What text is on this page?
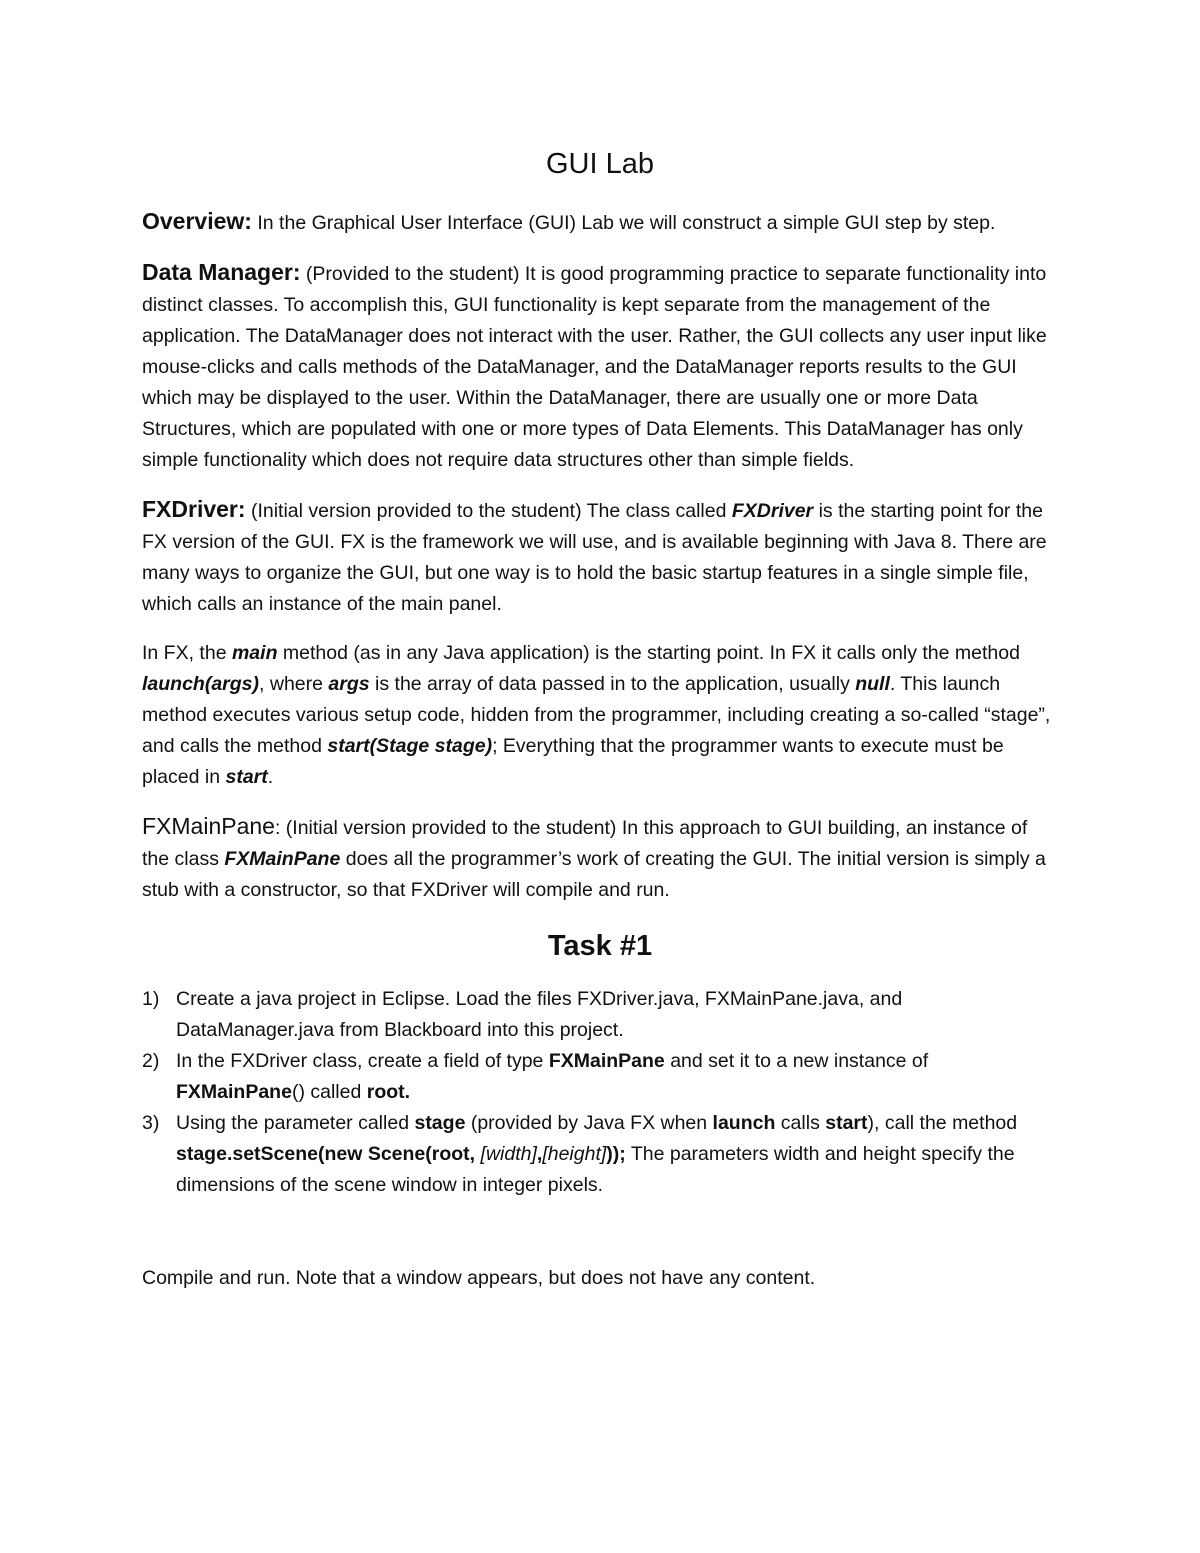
GUI Lab

Overview: In the Graphical User Interface (GUI) Lab we will construct a simple GUI step by step.

Data Manager: (Provided to the student) It is good programming practice to separate functionality into distinct classes. To accomplish this, GUI functionality is kept separate from the management of the application. The DataManager does not interact with the user. Rather, the GUI collects any user input like mouse-clicks and calls methods of the DataManager, and the DataManager reports results to the GUI which may be displayed to the user. Within the DataManager, there are usually one or more Data Structures, which are populated with one or more types of Data Elements. This DataManager has only simple functionality which does not require data structures other than simple fields.

FXDriver: (Initial version provided to the student) The class called FXDriver is the starting point for the FX version of the GUI. FX is the framework we will use, and is available beginning with Java 8. There are many ways to organize the GUI, but one way is to hold the basic startup features in a single simple file, which calls an instance of the main panel.

In FX, the main method (as in any Java application) is the starting point. In FX it calls only the method launch(args), where args is the array of data passed in to the application, usually null. This launch method executes various setup code, hidden from the programmer, including creating a so-called “stage”, and calls the method start(Stage stage); Everything that the programmer wants to execute must be placed in start.

FXMainPane: (Initial version provided to the student) In this approach to GUI building, an instance of the class FXMainPane does all the programmer’s work of creating the GUI. The initial version is simply a stub with a constructor, so that FXDriver will compile and run.

Task #1
1) Create a java project in Eclipse. Load the files FXDriver.java, FXMainPane.java, and DataManager.java from Blackboard into this project.
2) In the FXDriver class, create a field of type FXMainPane and set it to a new instance of FXMainPane() called root.
3) Using the parameter called stage (provided by Java FX when launch calls start), call the method stage.setScene(new Scene(root, [width],[height])); The parameters width and height specify the dimensions of the scene window in integer pixels.

Compile and run. Note that a window appears, but does not have any content.
